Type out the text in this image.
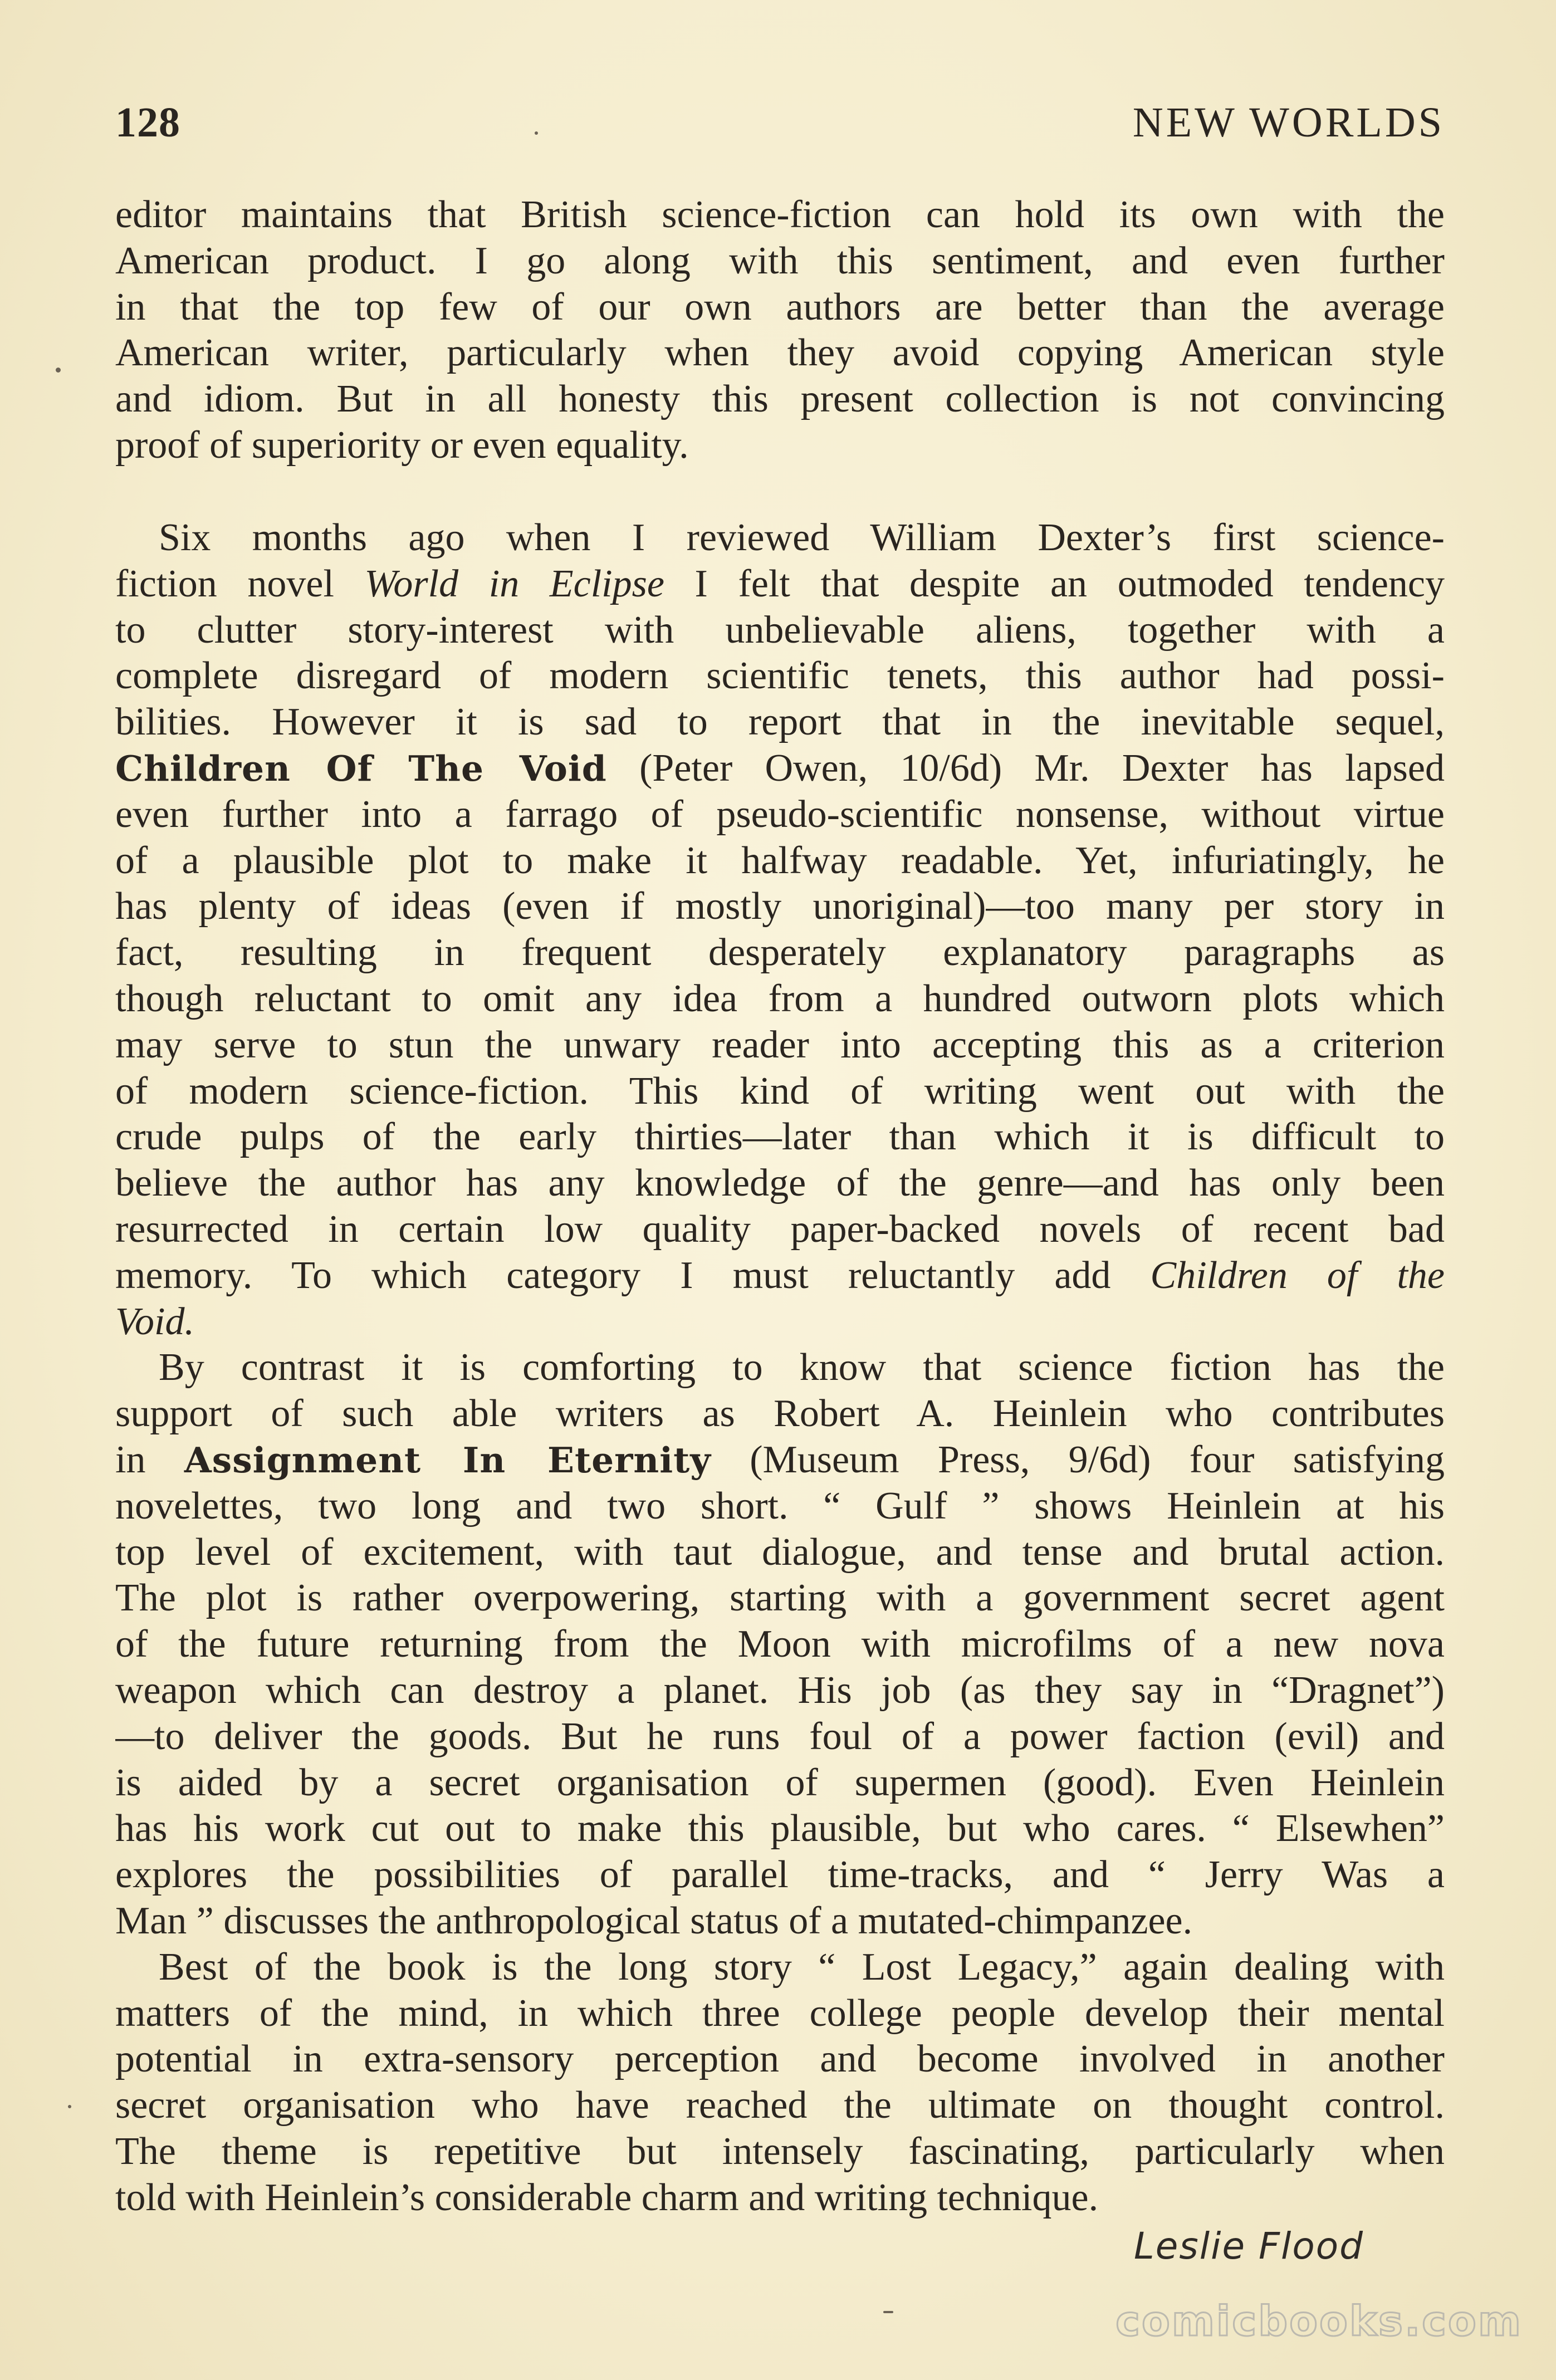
128	NEW WORLDS
editor maintains that British science-fiction can hold its own with the
American product. I go along with this sentiment, and even further
in that the top few of our own authors are better than the average
American writer, particularly when they avoid copying American style
and idiom. But in all honesty this present collection is not convincing
proof of superiority or even equality.
Six months ago when I reviewed William Dexter’s first science-
fiction novel World in Eclipse I felt that despite an outmoded tendency
to clutter story-interest with unbelievable aliens, together with a
complete disregard of modern scientific tenets, this author had possi-
bilities. However it is sad to report that in the inevitable sequel,
Children Of The Void (Peter Owen, 10/6d) Mr. Dexter has lapsed
even further into a farrago of pseudo-scientific nonsense, without virtue
of a plausible plot to make it halfway readable. Yet, infuriatingly, he
has plenty of ideas (even if mostly unoriginal)—too many per story in
fact, resulting in frequent desperately explanatory paragraphs as
though reluctant to omit any idea from a hundred outworn plots which
may serve to stun the unwary reader into accepting this as a criterion
of modern science-fiction. This kind of writing went out with the
crude pulps of the early thirties—later than which it is difficult to
believe the author has any knowledge of the genre—and has only been
resurrected in certain low quality paper-backed novels of recent bad
memory. To which category I must reluctantly add Children of the
Void.
By contrast it is comforting to know that science fiction has the
support of such able writers as Robert A. Heinlein who contributes
in Assignment In Eternity (Museum Press, 9/6d) four satisfying
novelettes, two long and two short. “ Gulf ” shows Heinlein at his
top level of excitement, with taut dialogue, and tense and brutal action.
The plot is rather overpowering, starting with a government secret agent
of the future returning from the Moon with microfilms of a new nova
weapon which can destroy a planet. His job (as they say in “Dragnet”)
—to deliver the goods. But he runs foul of a power faction (evil) and
is aided by a secret organisation of supermen (good). Even Heinlein
has his work cut out to make this plausible, but who cares. “ Elsewhen”
explores the possibilities of parallel time-tracks, and “ Jerry Was a
Man ” discusses the anthropological status of a mutated-chimpanzee.
Best of the book is the long story “ Lost Legacy,” again dealing with
matters of the mind, in which three college people develop their mental
potential in extra-sensory perception and become involved in another
secret organisation who have reached the ultimate on thought control.
The theme is repetitive but intensely fascinating, particularly when
told with Heinlein’s considerable charm and writing technique.
Leslie Flood
comicbooks.com
